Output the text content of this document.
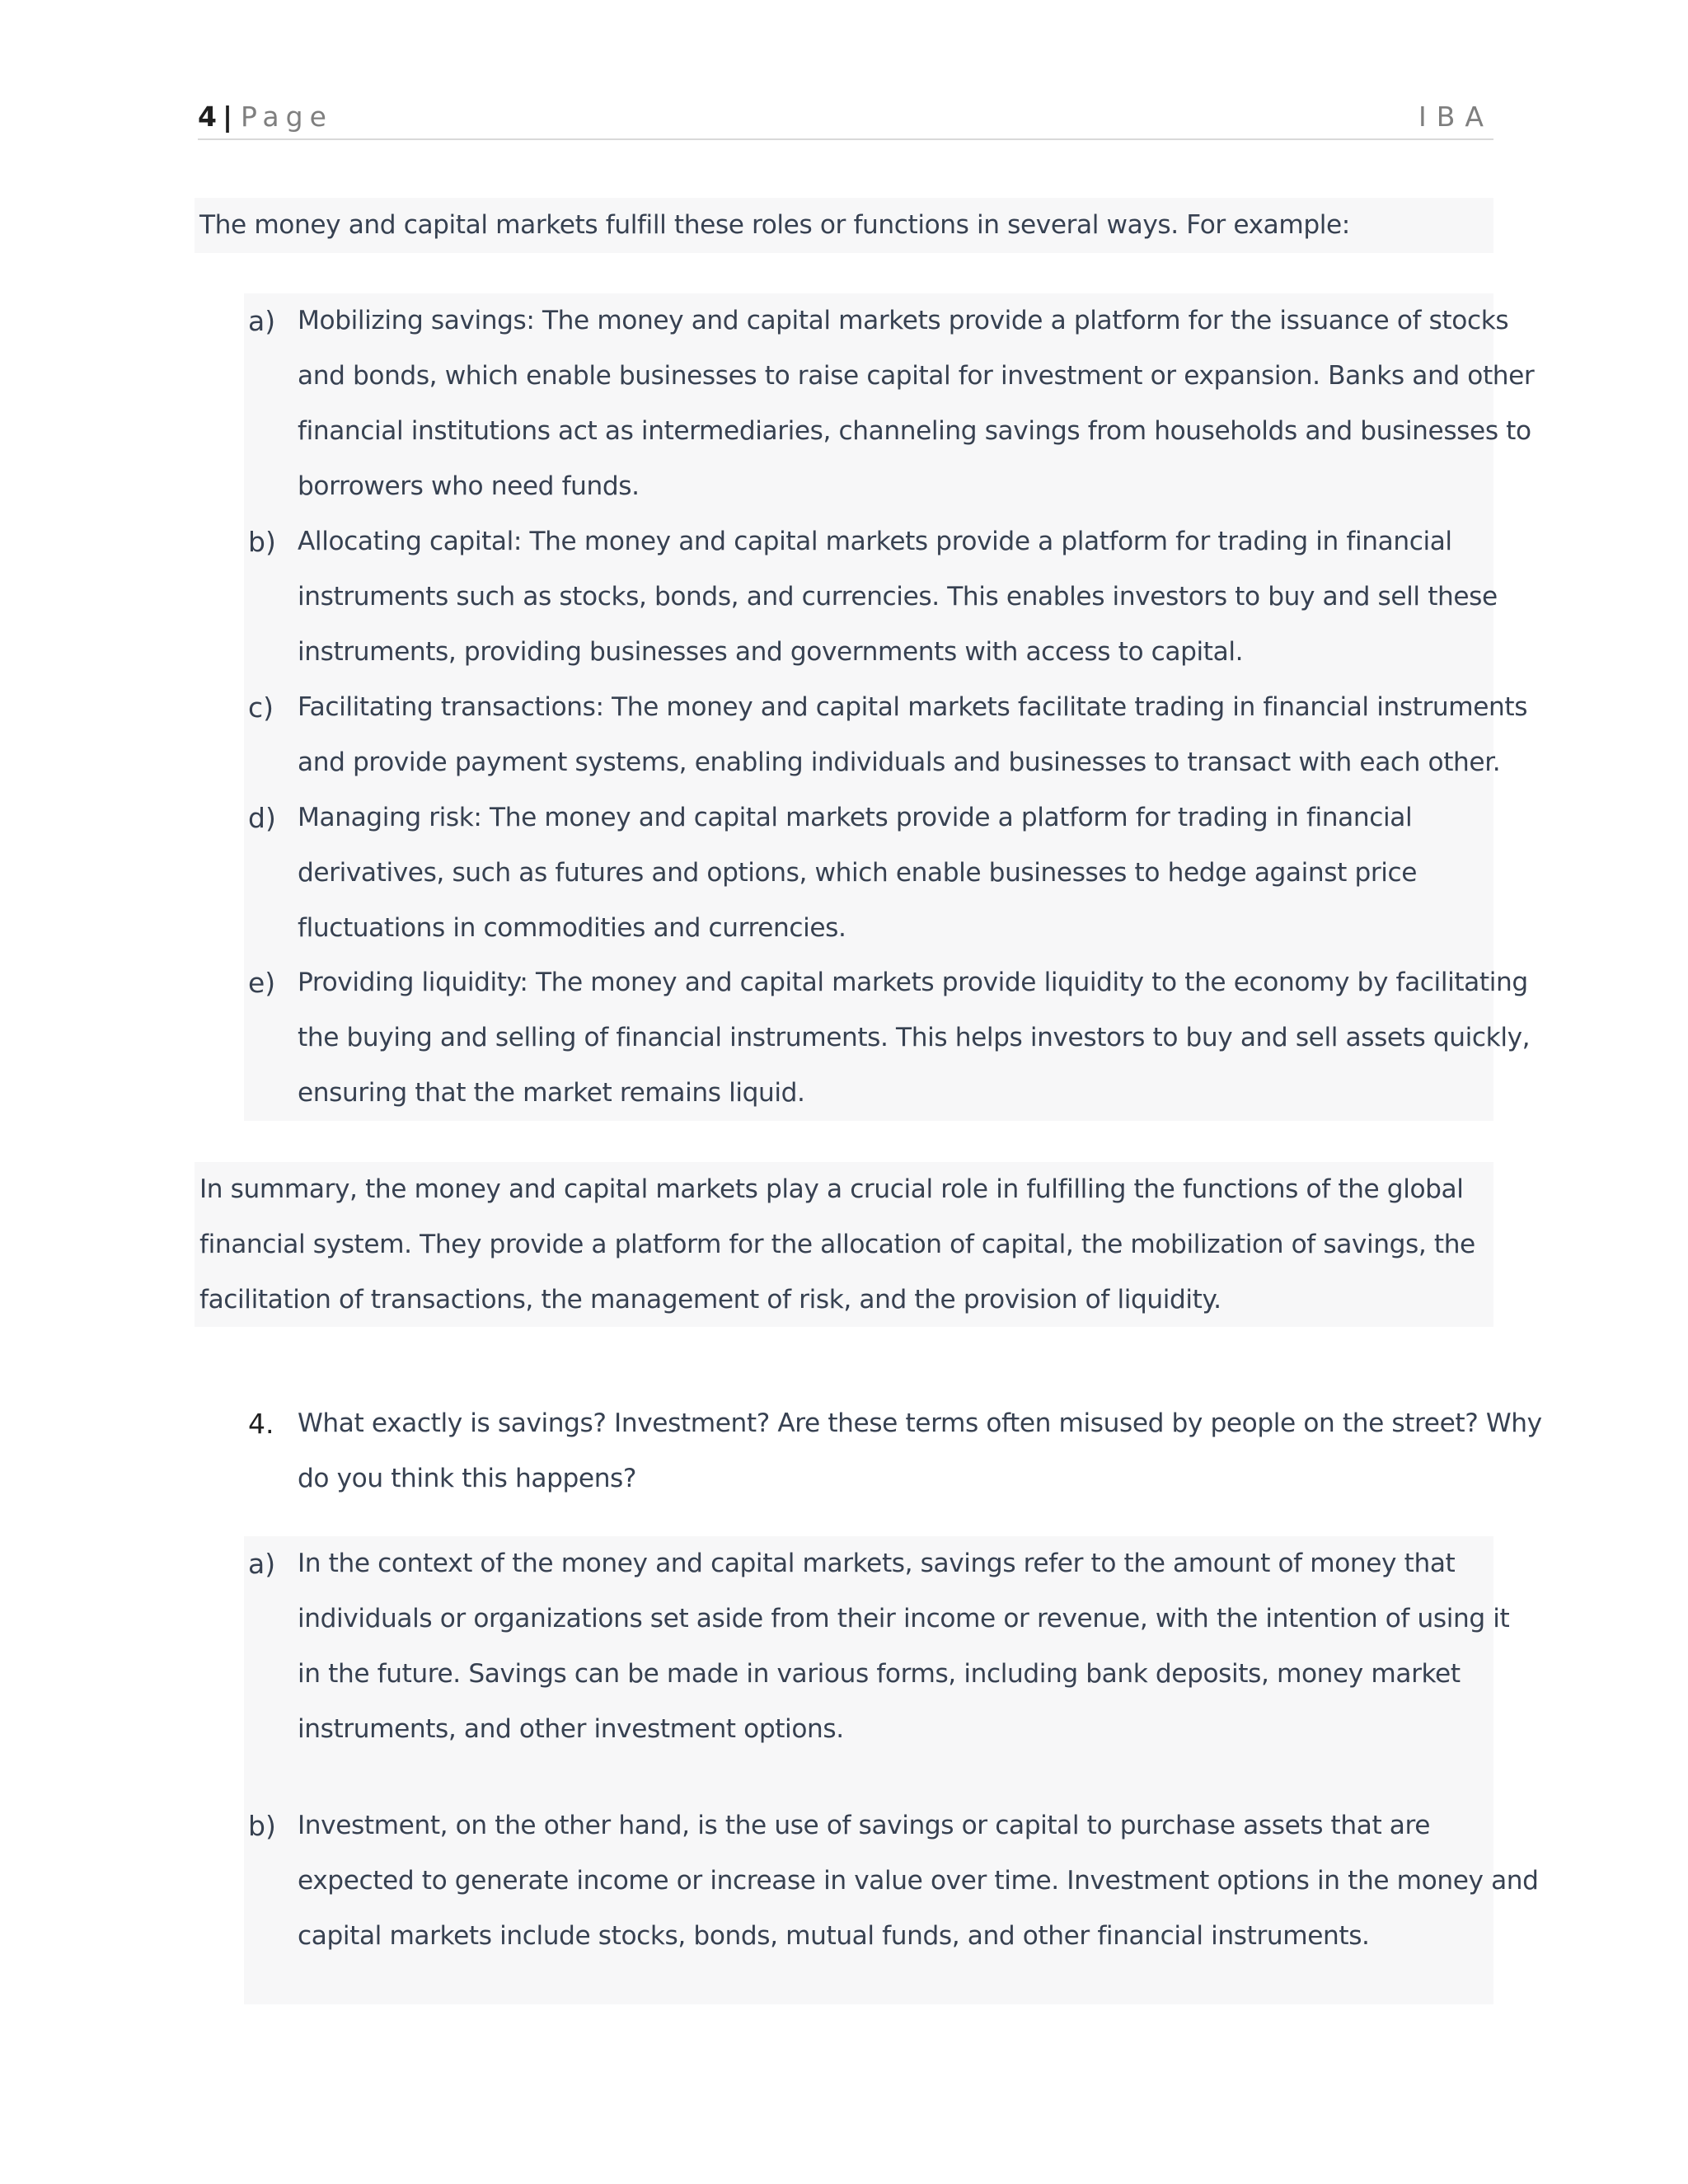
4 | Page	IBA
The money and capital markets fulfill these roles or functions in several ways. For example:
a) Mobilizing savings: The money and capital markets provide a platform for the issuance of stocks
and bonds, which enable businesses to raise capital for investment or expansion. Banks and other
financial institutions act as intermediaries, channeling savings from households and businesses to
borrowers who need funds.
b) Allocating capital: The money and capital markets provide a platform for trading in financial
instruments such as stocks, bonds, and currencies. This enables investors to buy and sell these
instruments, providing businesses and governments with access to capital.
c) Facilitating transactions: The money and capital markets facilitate trading in financial instruments
and provide payment systems, enabling individuals and businesses to transact with each other.
d) Managing risk: The money and capital markets provide a platform for trading in financial
derivatives, such as futures and options, which enable businesses to hedge against price
fluctuations in commodities and currencies.
e) Providing liquidity: The money and capital markets provide liquidity to the economy by facilitating
the buying and selling of financial instruments. This helps investors to buy and sell assets quickly,
ensuring that the market remains liquid.
In summary, the money and capital markets play a crucial role in fulfilling the functions of the global
financial system. They provide a platform for the allocation of capital, the mobilization of savings, the
facilitation of transactions, the management of risk, and the provision of liquidity.
4. What exactly is savings? Investment? Are these terms often misused by people on the street? Why
do you think this happens?
a) In the context of the money and capital markets, savings refer to the amount of money that
individuals or organizations set aside from their income or revenue, with the intention of using it
in the future. Savings can be made in various forms, including bank deposits, money market
instruments, and other investment options.
b) Investment, on the other hand, is the use of savings or capital to purchase assets that are
expected to generate income or increase in value over time. Investment options in the money and
capital markets include stocks, bonds, mutual funds, and other financial instruments.
